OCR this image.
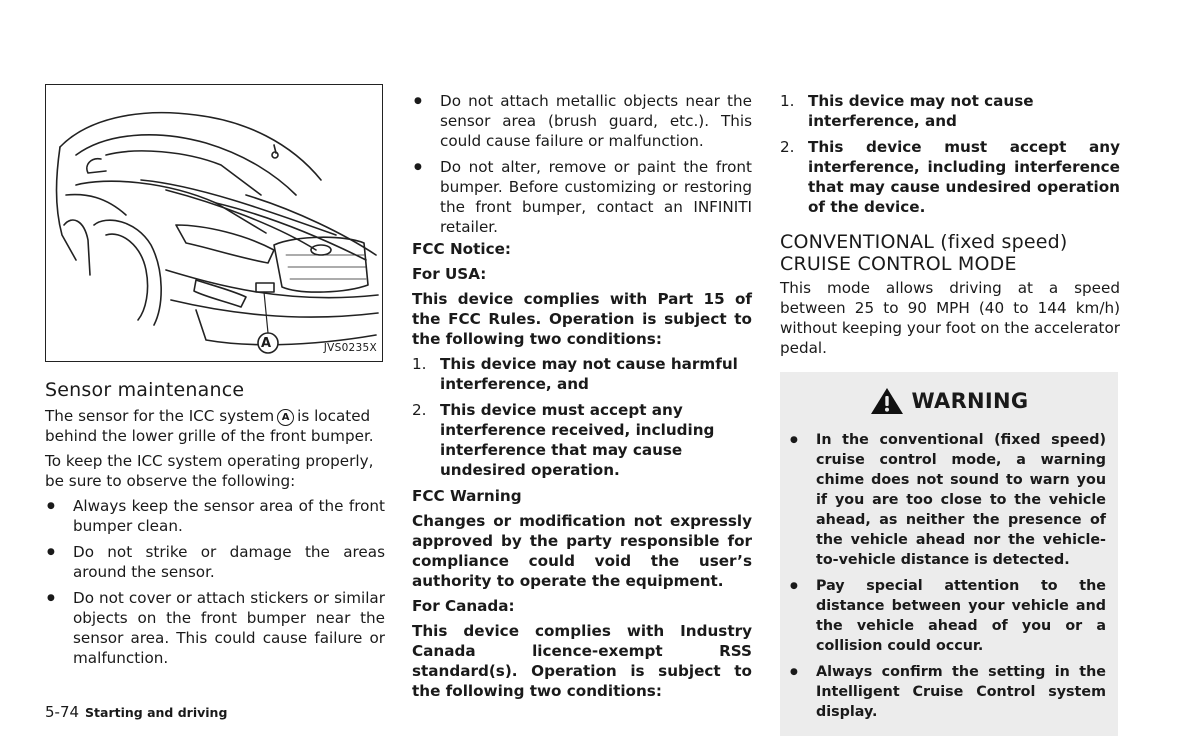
A	JVS0235X
Sensor maintenance

The sensor for the ICC system A is located behind the lower grille of the front bumper.

To keep the ICC system operating properly, be sure to observe the following:

● Always keep the sensor area of the front bumper clean.
● Do not strike or damage the areas around the sensor.
● Do not cover or attach stickers or similar objects on the front bumper near the sensor area. This could cause failure or malfunction.
● Do not attach metallic objects near the sensor area (brush guard, etc.). This could cause failure or malfunction.
● Do not alter, remove or paint the front bumper. Before customizing or restoring the front bumper, contact an INFINITI retailer.

FCC Notice:

For USA:

This device complies with Part 15 of the FCC Rules. Operation is subject to the following two conditions:

1. This device may not cause harmful interference, and
2. This device must accept any interference received, including interference that may cause undesired operation.

FCC Warning

Changes or modification not expressly approved by the party responsible for compliance could void the user’s authority to operate the equipment.

For Canada:

This device complies with Industry Canada licence-exempt RSS standard(s). Operation is subject to the following two conditions:

1. This device may not cause interference, and
2. This device must accept any interference, including interference that may cause undesired operation of the device.
CONVENTIONAL (fixed speed) CRUISE CONTROL MODE

This mode allows driving at a speed between 25 to 90 MPH (40 to 144 km/h) without keeping your foot on the accelerator pedal.

WARNING
● In the conventional (fixed speed) cruise control mode, a warning chime does not sound to warn you if you are too close to the vehicle ahead, as neither the presence of the vehicle ahead nor the vehicle-to-vehicle distance is detected.
● Pay special attention to the distance between your vehicle and the vehicle ahead of you or a collision could occur.
● Always confirm the setting in the Intelligent Cruise Control system display.
5-74 Starting and driving
